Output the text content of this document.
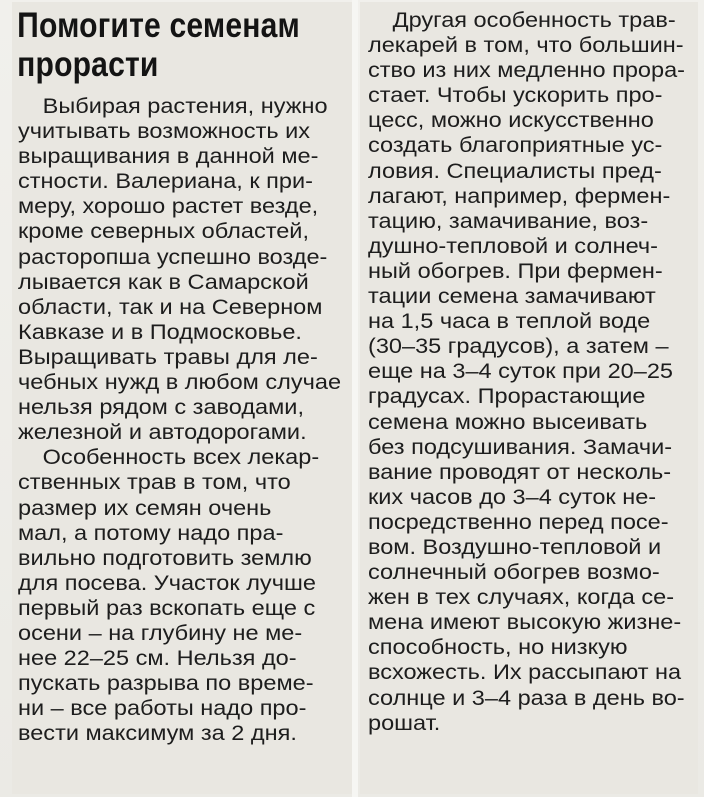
Помогите семенам
прорасти
Выбирая растения, нужно
учитывать возможность их
выращивания в данной ме-
стности. Валериана, к при-
меру, хорошо растет везде,
кроме северных областей,
расторопша успешно возде-
лывается как в Самарской
области, так и на Северном
Кавказе и в Подмосковье.
Выращивать травы для ле-
чебных нужд в любом случае
нельзя рядом с заводами,
железной и автодорогами.
Особенность всех лекар-
ственных трав в том, что
размер их семян очень
мал, а потому надо пра-
вильно подготовить землю
для посева. Участок лучше
первый раз вскопать еще с
осени – на глубину не ме-
нее 22–25 см. Нельзя до-
пускать разрыва по време-
ни – все работы надо про-
вести максимум за 2 дня.
Другая особенность трав-
лекарей в том, что большин-
ство из них медленно прора-
стает. Чтобы ускорить про-
цесс, можно искусственно
создать благоприятные ус-
ловия. Специалисты пред-
лагают, например, фермен-
тацию, замачивание, воз-
душно-тепловой и солнеч-
ный обогрев. При фермен-
тации семена замачивают
на 1,5 часа в теплой воде
(30–35 градусов), а затем –
еще на 3–4 суток при 20–25
градусах. Прорастающие
семена можно высеивать
без подсушивания. Замачи-
вание проводят от несколь-
ких часов до 3–4 суток не-
посредственно перед посе-
вом. Воздушно-тепловой и
солнечный обогрев возмо-
жен в тех случаях, когда се-
мена имеют высокую жизне-
способность, но низкую
всхожесть. Их рассыпают на
солнце и 3–4 раза в день во-
рошат.
